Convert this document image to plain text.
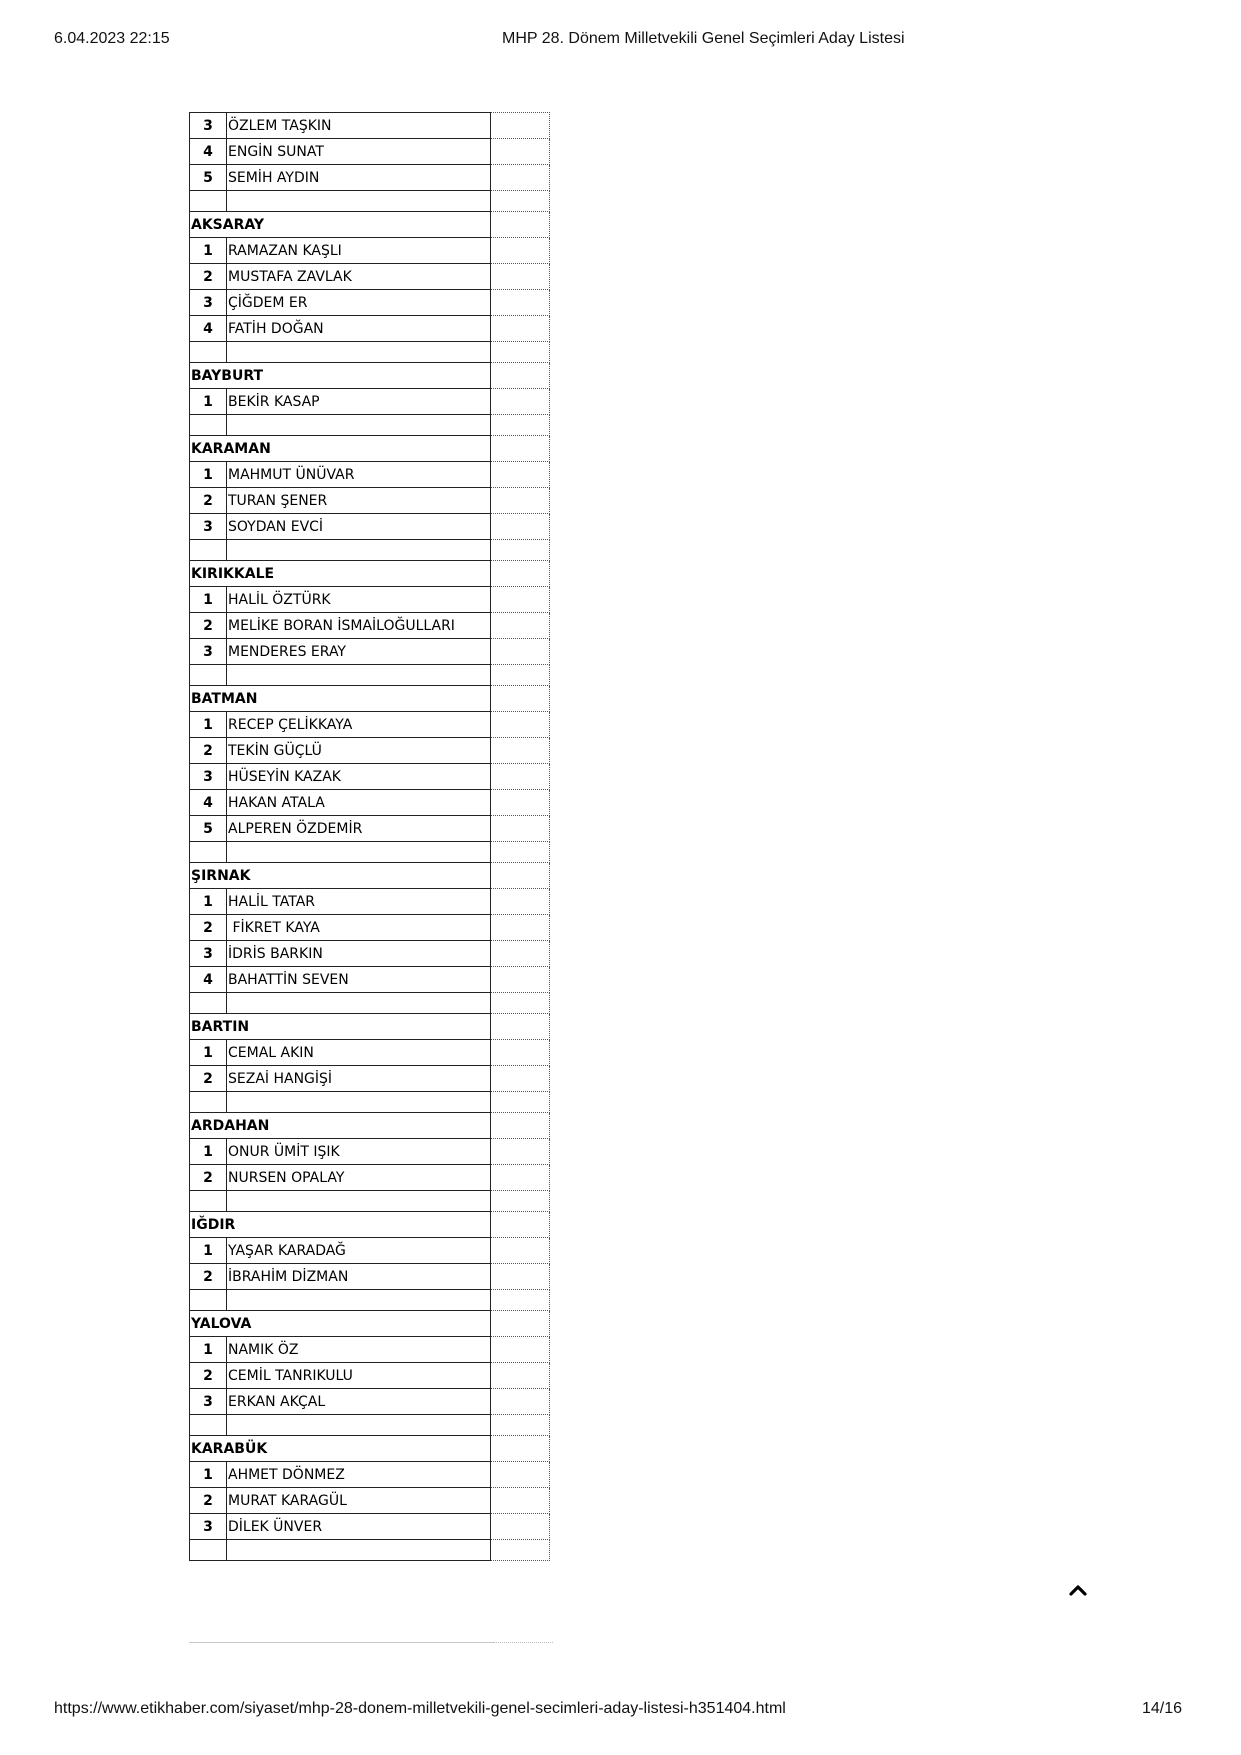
6.04.2023 22:15	MHP 28. Dönem Milletvekili Genel Seçimleri Aday Listesi
3	ÖZLEM TAŞKIN	
4	ENGİN SUNAT	
5	SEMİH AYDIN	

AKSARAY		
1	RAMAZAN KAŞLI	
2	MUSTAFA ZAVLAK	
3	ÇİĞDEM ER	
4	FATİH DOĞAN	

BAYBURT		
1	BEKİR KASAP	

KARAMAN		
1	MAHMUT ÜNÜVAR	
2	TURAN ŞENER	
3	SOYDAN EVCİ	

KIRIKKALE		
1	HALİL ÖZTÜRK	
2	MELİKE BORAN İSMAİLOĞULLARI	
3	MENDERES ERAY	

BATMAN		
1	RECEP ÇELİKKAYA	
2	TEKİN GÜÇLÜ	
3	HÜSEYİN KAZAK	
4	HAKAN ATALA	
5	ALPEREN ÖZDEMİR	

ŞIRNAK		
1	HALİL TATAR	
2	FİKRET KAYA	
3	İDRİS BARKIN	
4	BAHATTİN SEVEN	

BARTIN		
1	CEMAL AKIN	
2	SEZAİ HANGİŞİ	

ARDAHAN		
1	ONUR ÜMİT IŞIK	
2	NURSEN OPALAY	

IĞDIR		
1	YAŞAR KARADAĞ	
2	İBRAHİM DİZMAN	

YALOVA		
1	NAMIK ÖZ	
2	CEMİL TANRIKULU	
3	ERKAN AKÇAL	

KARABÜK		
1	AHMET DÖNMEZ	
2	MURAT KARAGÜL	
3	DİLEK ÜNVER	

https://www.etikhaber.com/siyaset/mhp-28-donem-milletvekili-genel-secimleri-aday-listesi-h351404.html	14/16
